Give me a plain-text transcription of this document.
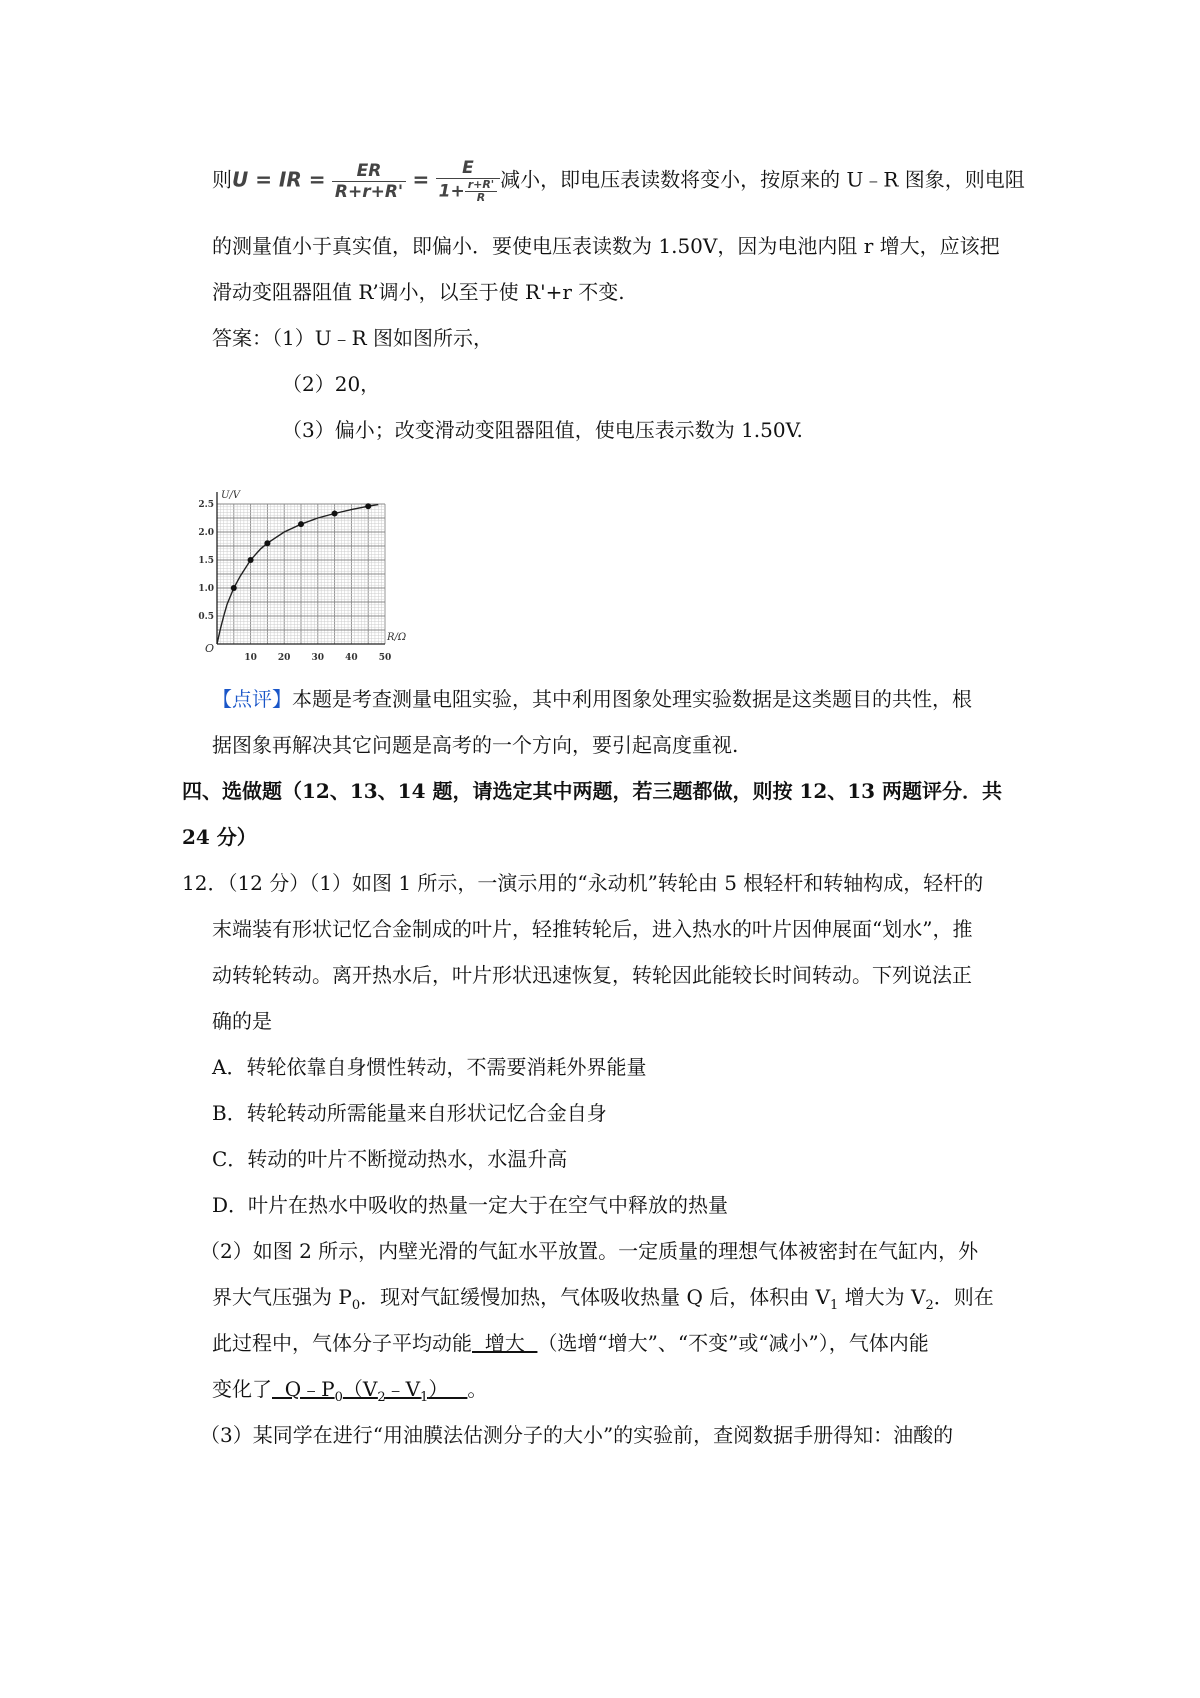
则U = IR = $\frac{ER}{R+r+R'} = \frac{E}{1+ \frac{r+R'}{R}}$ 减小，即电压表读数将变小，按原来的 U﹣R 图象，则电阻
的测量值小于真实值，即偏小．要使电压表读数为 1.50V，因为电池内阻 r 增大，应该把
滑动变阻器阻值 R’调小，以至于使 R'+r 不变.
答案：（1）U﹣R 图如图所示，
（2）20，
（3）偏小；改变滑动变阻器阻值，使电压表示数为 1.50V.
U/V
R/Ω
O
10 20 30 40 50
0.5
1.0
1.5
2.0
2.5
【点评】本题是考查测量电阻实验，其中利用图象处理实验数据是这类题目的共性，根
据图象再解决其它问题是高考的一个方向，要引起高度重视.
四、选做题（12、13、14 题，请选定其中两题，若三题都做，则按 12、13 两题评分．共
24 分）
12．（12 分）（1）如图 1 所示，一演示用的“永动机”转轮由 5 根轻杆和转轴构成，轻杆的
末端装有形状记忆合金制成的叶片，轻推转轮后，进入热水的叶片因伸展面“划水”，推
动转轮转动。离开热水后，叶片形状迅速恢复，转轮因此能较长时间转动。下列说法正
确的是
A．转轮依靠自身惯性转动，不需要消耗外界能量
B．转轮转动所需能量来自形状记忆合金自身
C．转动的叶片不断搅动热水，水温升高
D．叶片在热水中吸收的热量一定大于在空气中释放的热量
（2）如图 2 所示，内壁光滑的气缸水平放置。一定质量的理想气体被密封在气缸内，外
界大气压强为 $P_0$．现对气缸缓慢加热，气体吸收热量 Q 后，体积由 $V_1$ 增大为 $V_2$．则在
此过程中，气体分子平均动能  增大  （选增“增大”、“不变”或“减小”），气体内能
变化了  $Q﹣P_0(V_2﹣V_1)$   。
（3）某同学在进行“用油膜法估测分子的大小”的实验前，查阅数据手册得知：油酸的
